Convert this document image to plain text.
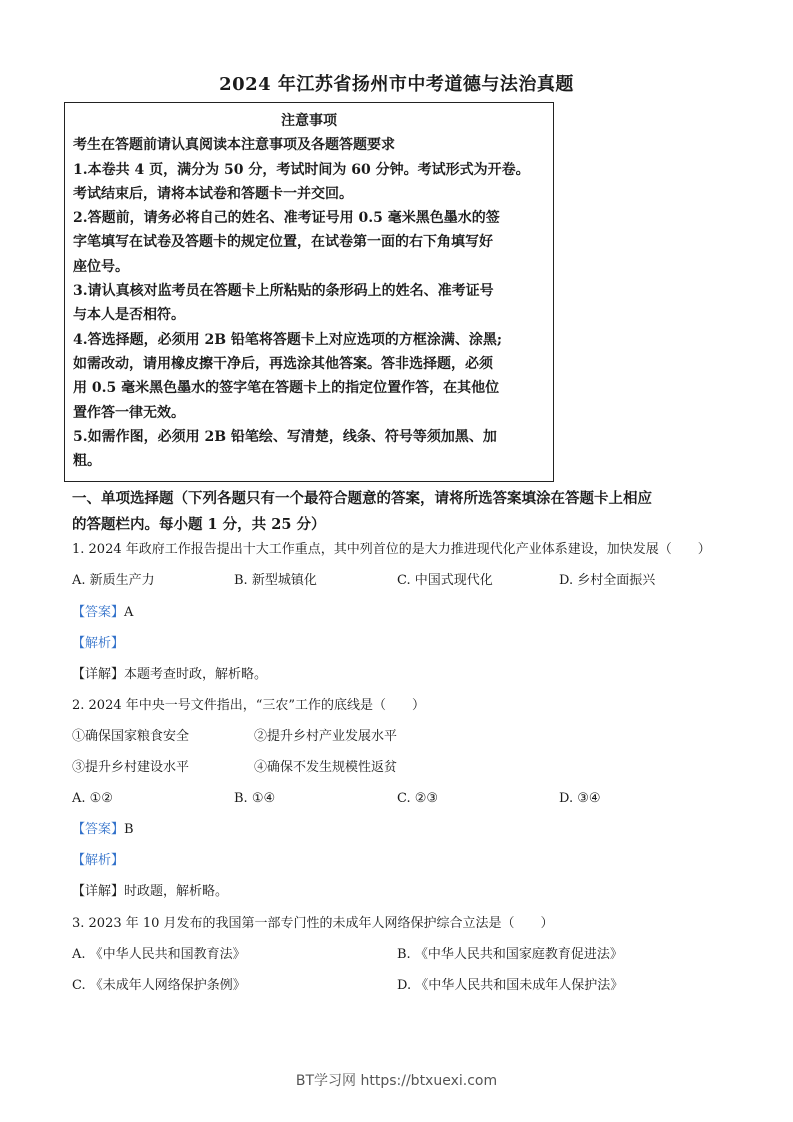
2024 年江苏省扬州市中考道德与法治真题
注意事项
考生在答题前请认真阅读本注意事项及各题答题要求
1.本卷共 4 页，满分为 50 分，考试时间为 60 分钟。考试形式为开卷。
考试结束后，请将本试卷和答题卡一并交回。
2.答题前，请务必将自己的姓名、准考证号用 0.5 毫米黑色墨水的签
字笔填写在试卷及答题卡的规定位置，在试卷第一面的右下角填写好
座位号。
3.请认真核对监考员在答题卡上所粘贴的条形码上的姓名、准考证号
与本人是否相符。
4.答选择题，必须用 2B 铅笔将答题卡上对应选项的方框涂满、涂黑;
如需改动，请用橡皮擦干净后，再选涂其他答案。答非选择题，必须
用 0.5 毫米黑色墨水的签字笔在答题卡上的指定位置作答，在其他位
置作答一律无效。
5.如需作图，必须用 2B 铅笔绘、写清楚，线条、符号等须加黑、加
粗。
一、单项选择题（下列各题只有一个最符合题意的答案，请将所选答案填涂在答题卡上相应
的答题栏内。每小题 1 分，共 25 分）
1. 2024 年政府工作报告提出十大工作重点，其中列首位的是大力推进现代化产业体系建设，加快发展（　　）
A. 新质生产力	B. 新型城镇化	C. 中国式现代化	D. 乡村全面振兴
【答案】A
【解析】
【详解】本题考查时政，解析略。
2. 2024 年中央一号文件指出，“三农”工作的底线是（　　）
①确保国家粮食安全	②提升乡村产业发展水平
③提升乡村建设水平	④确保不发生规模性返贫
A. ①②	B. ①④	C. ②③	D. ③④
【答案】B
【解析】
【详解】时政题，解析略。
3. 2023 年 10 月发布的我国第一部专门性的未成年人网络保护综合立法是（　　）
A. 《中华人民共和国教育法》	B. 《中华人民共和国家庭教育促进法》
C. 《未成年人网络保护条例》	D. 《中华人民共和国未成年人保护法》
BT学习网 https://btxuexi.com
